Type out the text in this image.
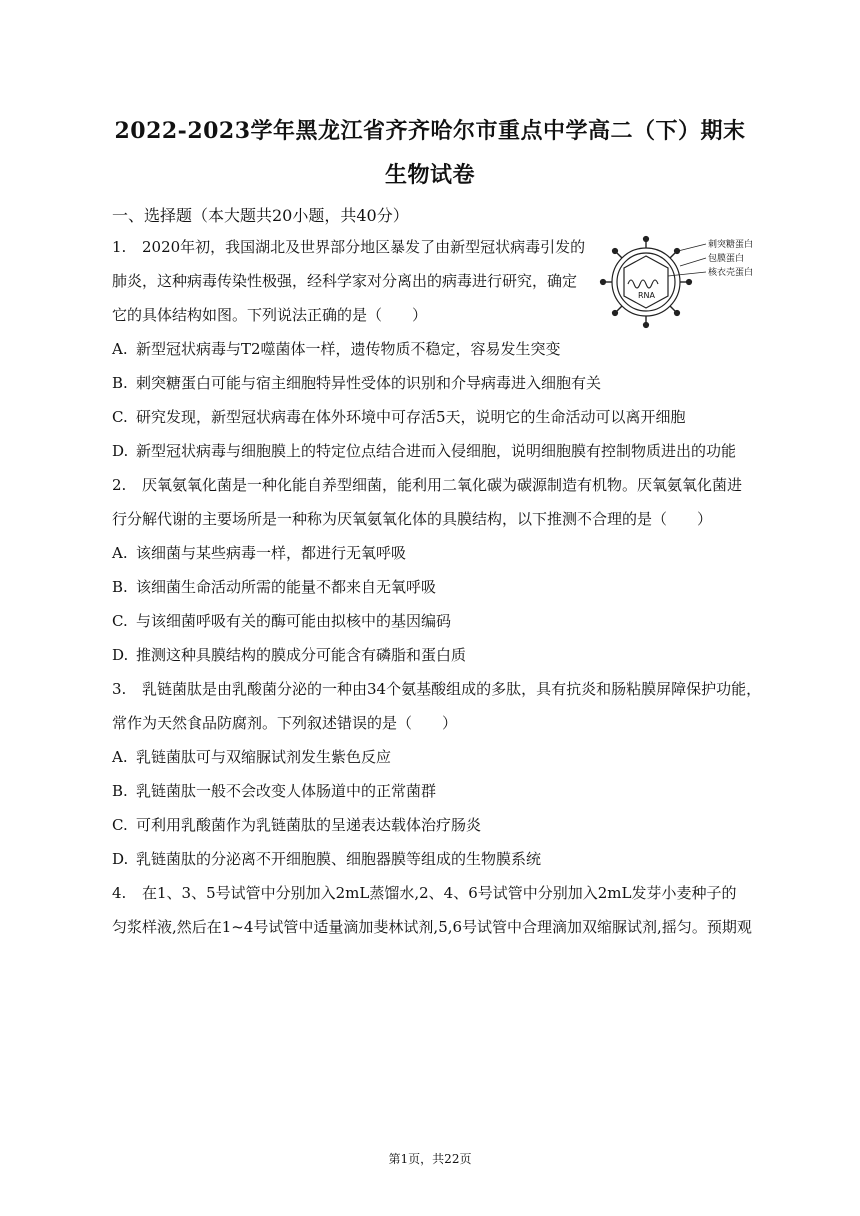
2022-2023学年黑龙江省齐齐哈尔市重点中学高二（下）期末
生物试卷
一、选择题（本大题共20小题，共40分）
1. 2020年初，我国湖北及世界部分地区暴发了由新型冠状病毒引发的
肺炎，这种病毒传染性极强，经科学家对分离出的病毒进行研究，确定
它的具体结构如图。下列说法正确的是（　　）
刺突糖蛋白
包膜蛋白
核衣壳蛋白
RNA
A. 新型冠状病毒与T2噬菌体一样，遗传物质不稳定，容易发生突变
B. 刺突糖蛋白可能与宿主细胞特异性受体的识别和介导病毒进入细胞有关
C. 研究发现，新型冠状病毒在体外环境中可存活5天，说明它的生命活动可以离开细胞
D. 新型冠状病毒与细胞膜上的特定位点结合进而入侵细胞，说明细胞膜有控制物质进出的功能
2. 厌氧氨氧化菌是一种化能自养型细菌，能利用二氧化碳为碳源制造有机物。厌氧氨氧化菌进
行分解代谢的主要场所是一种称为厌氧氨氧化体的具膜结构，以下推测不合理的是（　　）
A. 该细菌与某些病毒一样，都进行无氧呼吸
B. 该细菌生命活动所需的能量不都来自无氧呼吸
C. 与该细菌呼吸有关的酶可能由拟核中的基因编码
D. 推测这种具膜结构的膜成分可能含有磷脂和蛋白质
3. 乳链菌肽是由乳酸菌分泌的一种由34个氨基酸组成的多肽，具有抗炎和肠粘膜屏障保护功能，
常作为天然食品防腐剂。下列叙述错误的是（　　）
A. 乳链菌肽可与双缩脲试剂发生紫色反应
B. 乳链菌肽一般不会改变人体肠道中的正常菌群
C. 可利用乳酸菌作为乳链菌肽的呈递表达载体治疗肠炎
D. 乳链菌肽的分泌离不开细胞膜、细胞器膜等组成的生物膜系统
4. 在1、3、5号试管中分别加入2mL蒸馏水,2、4、6号试管中分别加入2mL发芽小麦种子的
匀浆样液,然后在1~4号试管中适量滴加斐林试剂,5,6号试管中合理滴加双缩脲试剂,摇匀。预期观
第1页，共22页
